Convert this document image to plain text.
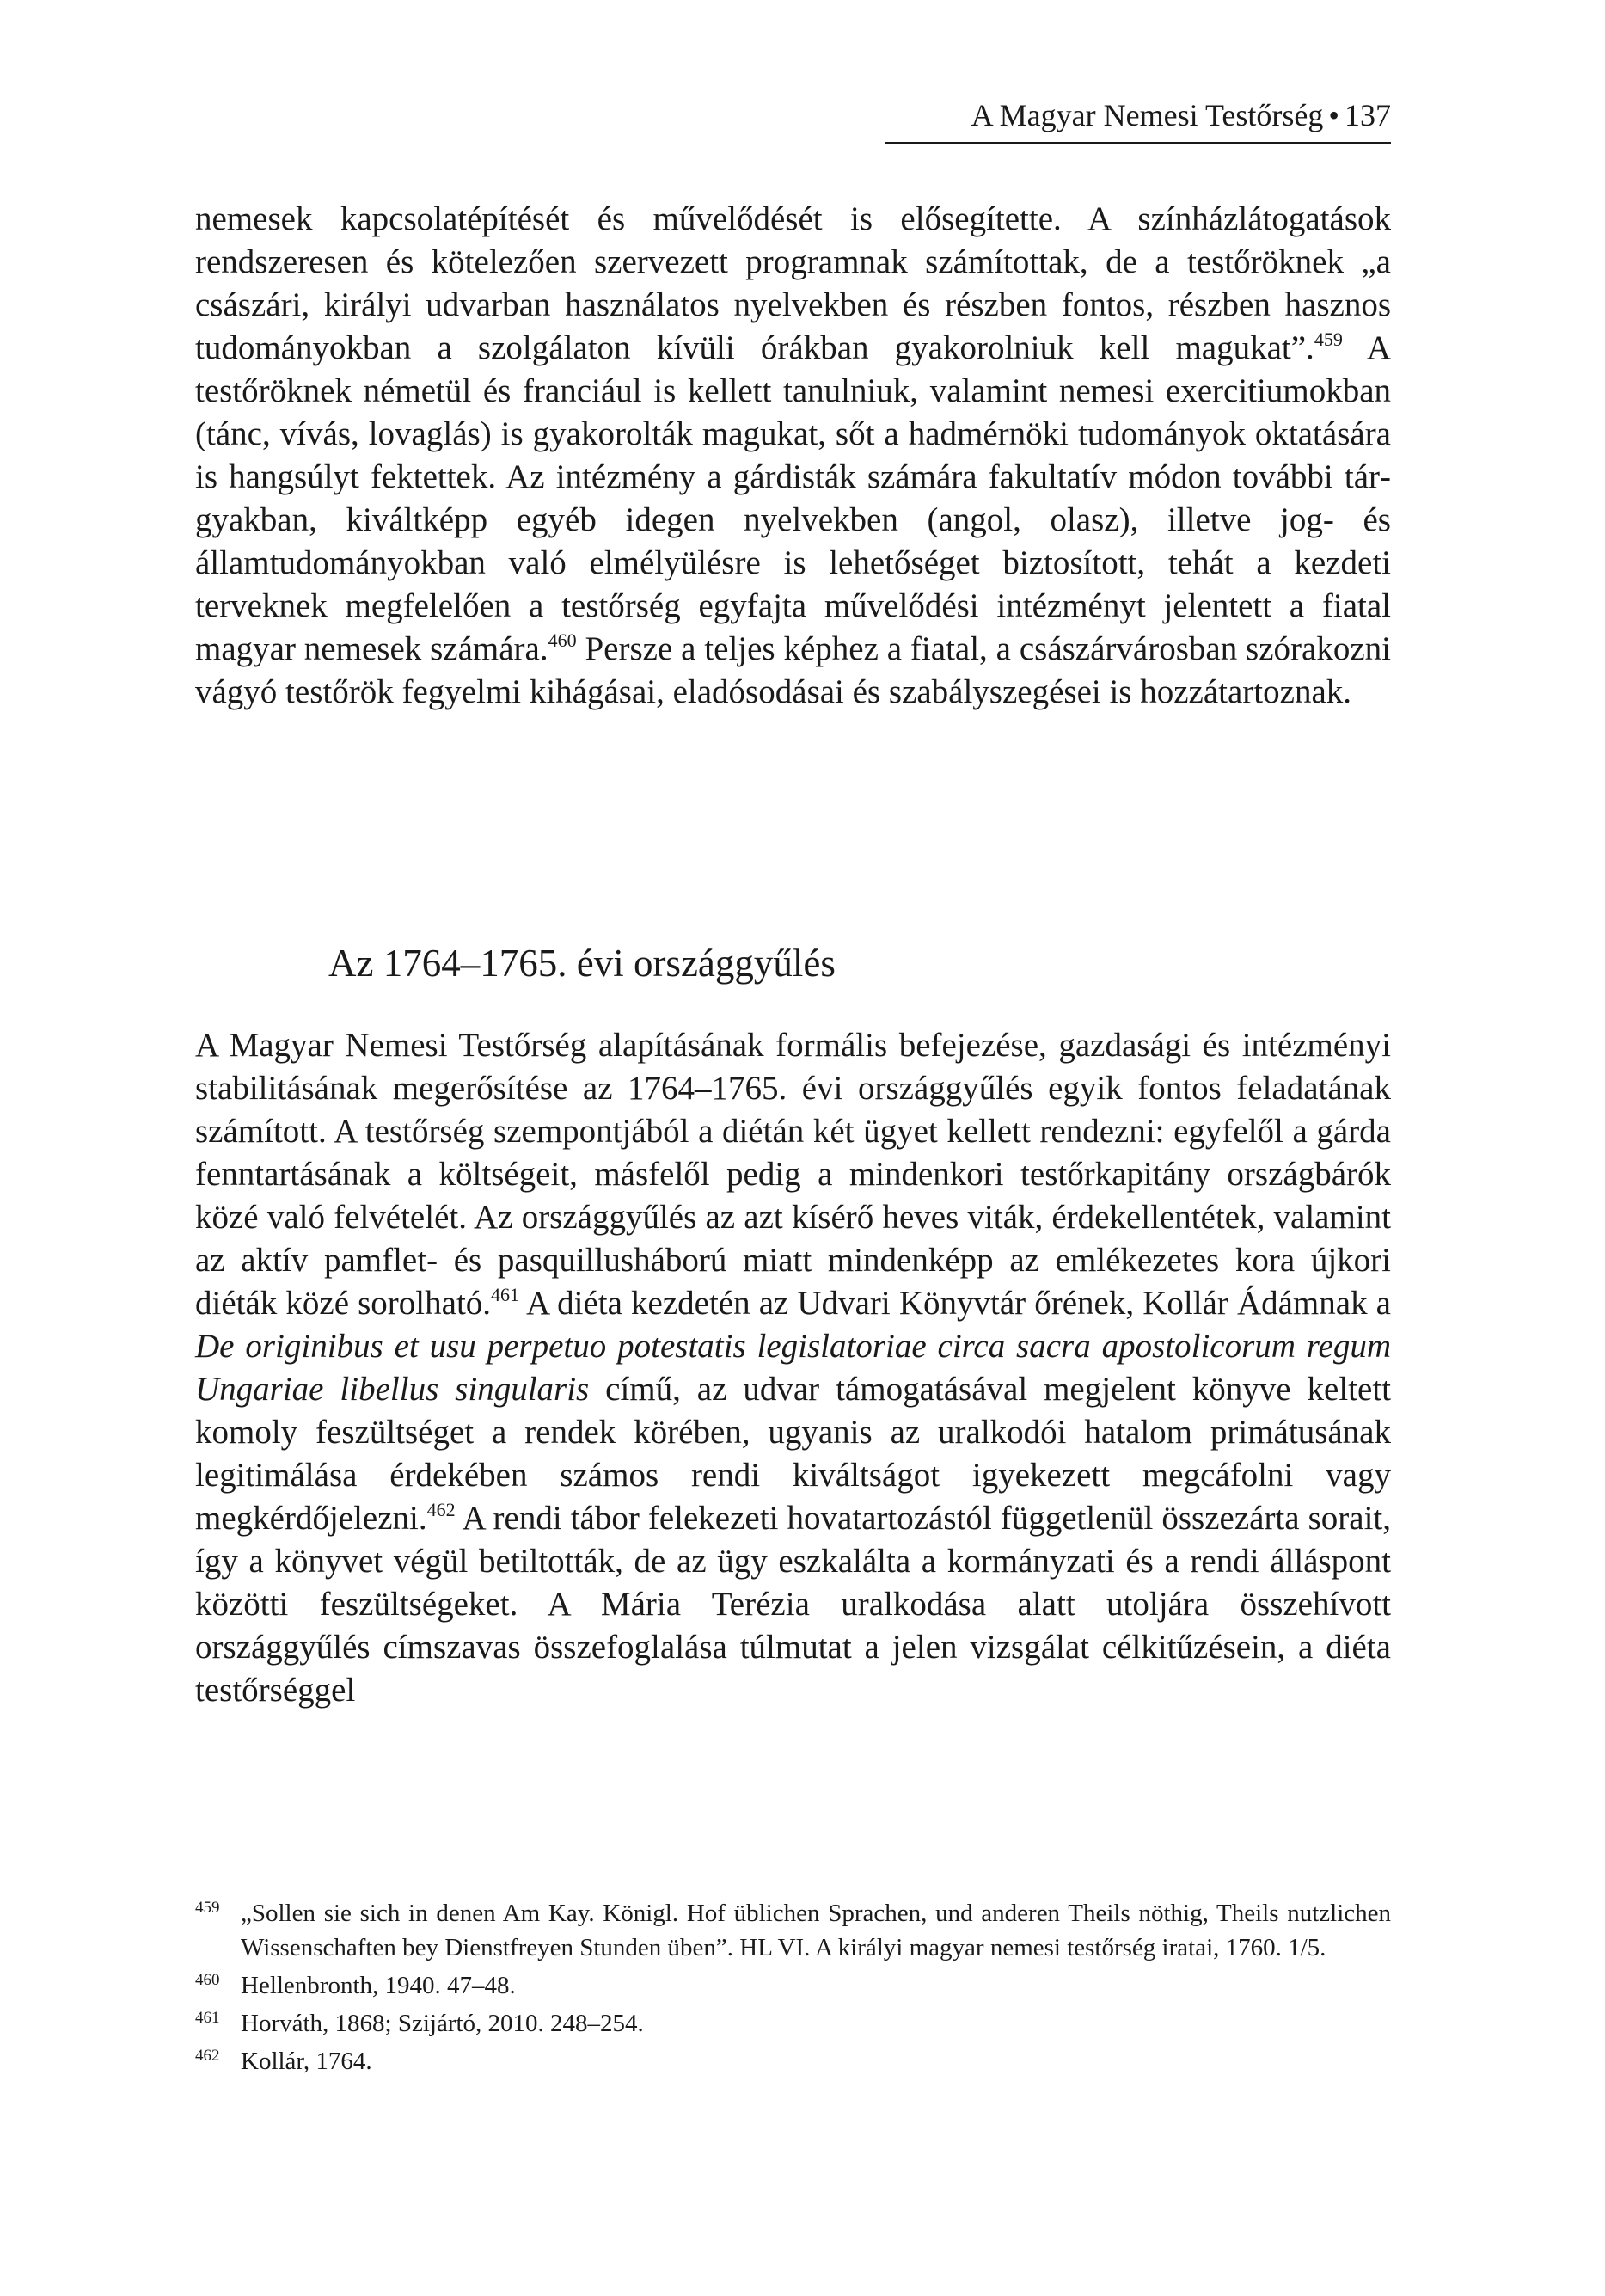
A Magyar Nemesi Testőrség • 137
nemesek kapcsolatépítését és művelődését is elősegítette. A színházlátogatások rendszeresen és kötelezően szervezett programnak számítottak, de a testőröknek „a császári, királyi udvarban használatos nyelvekben és részben fontos, részben hasznos tudományokban a szolgálaton kívüli órákban gyakorolniuk kell magukat”.$^{459}$ A testőröknek németül és franciául is kellett tanulniuk, valamint nemesi exercitiumokban (tánc, vívás, lovaglás) is gyakorolták magukat, sőt a hadmérnöki tudományok oktatására is hangsúlyt fektettek. Az intézmény a gárdisták számára fakultatív módon további tárgyakban, kiváltképp egyéb idegen nyelvekben (angol, olasz), illetve jog- és államtudományokban való elmélyülésre is lehetőséget biztosított, tehát a kezdeti terveknek megfelelően a testőrség egyfajta művelődési intézményt jelentett a fiatal magyar nemesek számára.$^{460}$ Persze a teljes képhez a fiatal, a császárvárosban szórakozni vágyó testőrök fegyelmi kihágásai, eladósodásai és szabályszegései is hozzátartoznak.
Az 1764–1765. évi országgyűlés
A Magyar Nemesi Testőrség alapításának formális befejezése, gazdasági és intézményi stabilitásának megerősítése az 1764–1765. évi országgyűlés egyik fontos feladatának számított. A testőrség szempontjából a diétán két ügyet kellett rendezni: egyfelől a gárda fenntartásának a költségeit, másfelől pedig a mindenkori testőrkapitány országbárók közé való felvételét. Az országgyűlés az azt kísérő heves viták, érdekellentétek, valamint az aktív pamflet- és pasquillusháború miatt mindenképp az emlékezetes kora újkori diéták közé sorolható.$^{461}$ A diéta kezdetén az Udvari Könyvtár őrének, Kollár Ádámnak a De originibus et usu perpetuo potestatis legislatoriae circa sacra apostolicorum regum Ungariae libellus singularis című, az udvar támogatásával megjelent könyve keltett komoly feszültséget a rendek körében, ugyanis az uralkodói hatalom primátusának legitimálása érdekében számos rendi kiváltságot igyekezett megcáfolni vagy megkérdőjelezni.$^{462}$ A rendi tábor felekezeti hovatartozástól függetlenül összezárta sorait, így a könyvet végül betiltották, de az ügy eszkalálta a kormányzati és a rendi álláspont közötti feszültségeket. A Mária Terézia uralkodása alatt utoljára összehívott országgyűlés címszavas összefoglalása túlmutat a jelen vizsgálat célkitűzésein, a diéta testőrséggel
459 „Sollen sie sich in denen Am Kay. Königl. Hof üblichen Sprachen, und anderen Theils nöthig, Theils nutzlichen Wissenschaften bey Dienstfreyen Stunden üben”. HL VI. A királyi magyar nemesi testőrség iratai, 1760. 1/5.
460 Hellenbronth, 1940. 47–48.
461 Horváth, 1868; Szijártó, 2010. 248–254.
462 Kollár, 1764.
